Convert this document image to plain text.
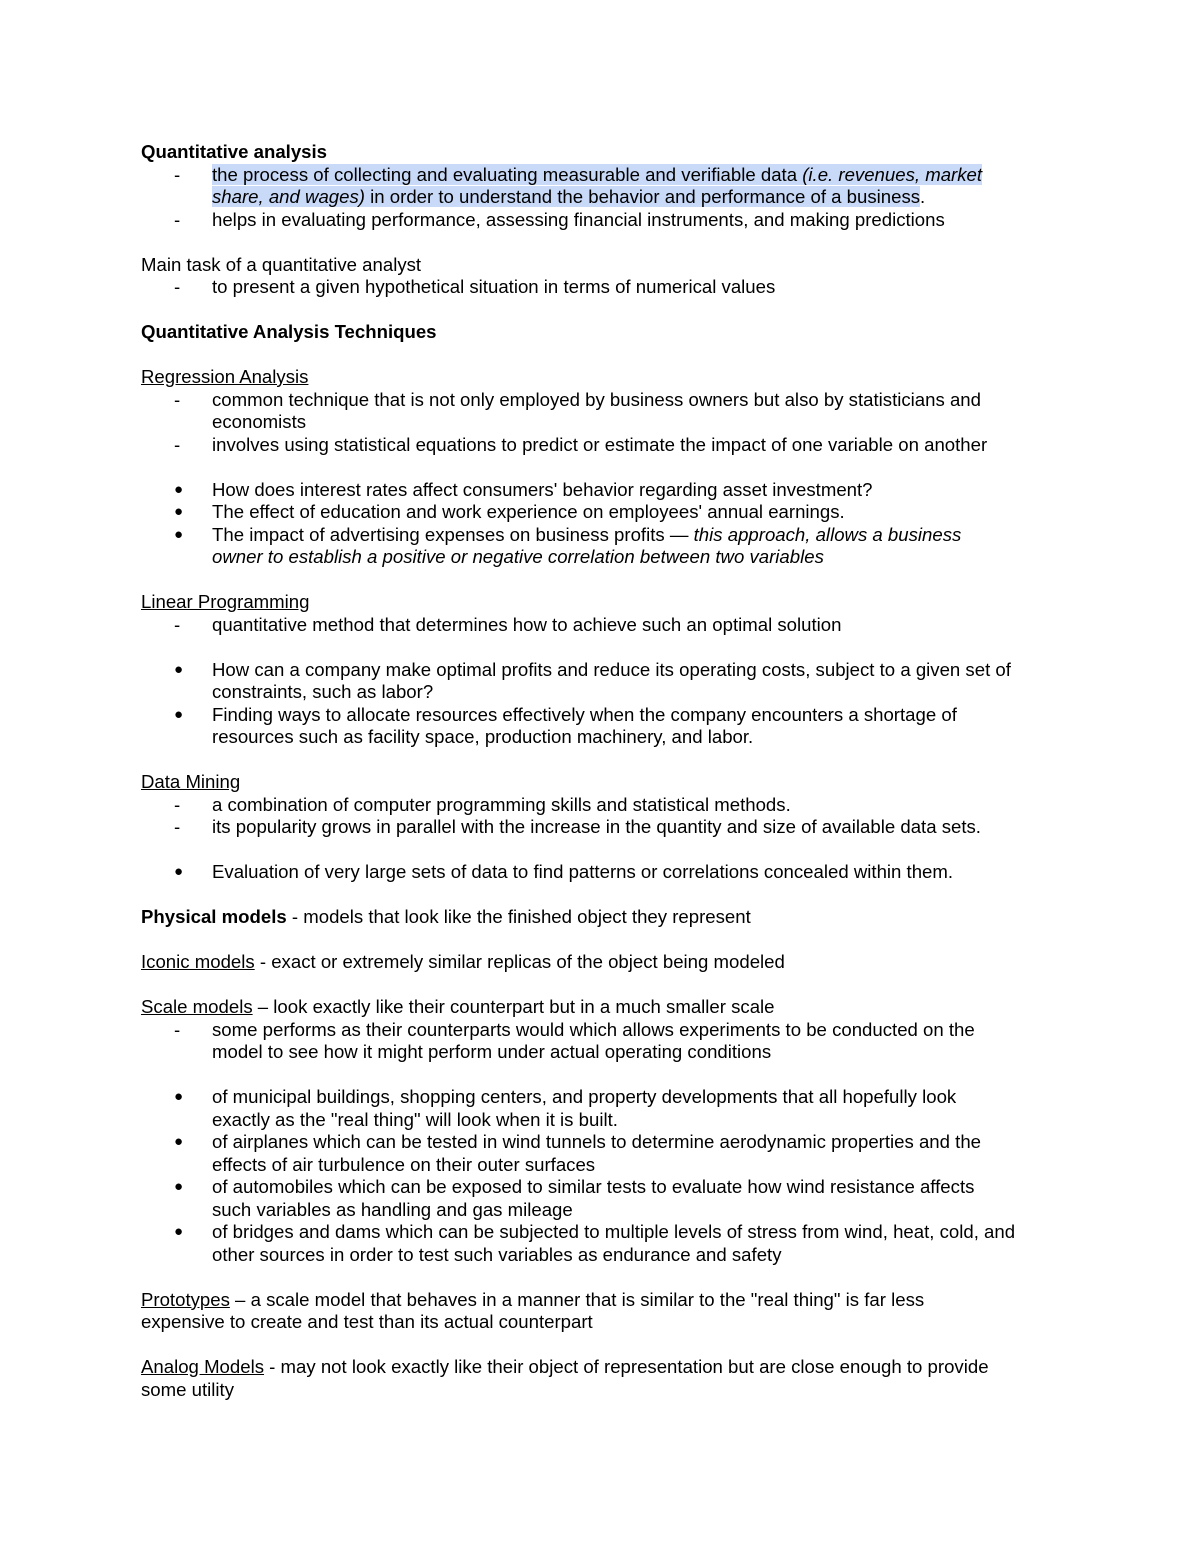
Quantitative analysis
-	the process of collecting and evaluating measurable and verifiable data (i.e. revenues, market
share, and wages) in order to understand the behavior and performance of a business.
-	helps in evaluating performance, assessing financial instruments, and making predictions
Main task of a quantitative analyst
-	to present a given hypothetical situation in terms of numerical values
Quantitative Analysis Techniques
Regression Analysis
-	common technique that is not only employed by business owners but also by statisticians and
economists
-	involves using statistical equations to predict or estimate the impact of one variable on another
●	How does interest rates affect consumers' behavior regarding asset investment?
●	The effect of education and work experience on employees' annual earnings.
●	The impact of advertising expenses on business profits — this approach, allows a business
owner to establish a positive or negative correlation between two variables
Linear Programming
-	quantitative method that determines how to achieve such an optimal solution
●	How can a company make optimal profits and reduce its operating costs, subject to a given set of
constraints, such as labor?
●	Finding ways to allocate resources effectively when the company encounters a shortage of
resources such as facility space, production machinery, and labor.
Data Mining
-	a combination of computer programming skills and statistical methods.
-	its popularity grows in parallel with the increase in the quantity and size of available data sets.
●	Evaluation of very large sets of data to find patterns or correlations concealed within them.
Physical models - models that look like the finished object they represent
Iconic models - exact or extremely similar replicas of the object being modeled
Scale models – look exactly like their counterpart but in a much smaller scale
-	some performs as their counterparts would which allows experiments to be conducted on the
model to see how it might perform under actual operating conditions
●	of municipal buildings, shopping centers, and property developments that all hopefully look
exactly as the "real thing" will look when it is built.
●	of airplanes which can be tested in wind tunnels to determine aerodynamic properties and the
effects of air turbulence on their outer surfaces
●	of automobiles which can be exposed to similar tests to evaluate how wind resistance affects
such variables as handling and gas mileage
●	of bridges and dams which can be subjected to multiple levels of stress from wind, heat, cold, and
other sources in order to test such variables as endurance and safety
Prototypes – a scale model that behaves in a manner that is similar to the "real thing" is far less
expensive to create and test than its actual counterpart
Analog Models - may not look exactly like their object of representation but are close enough to provide
some utility
